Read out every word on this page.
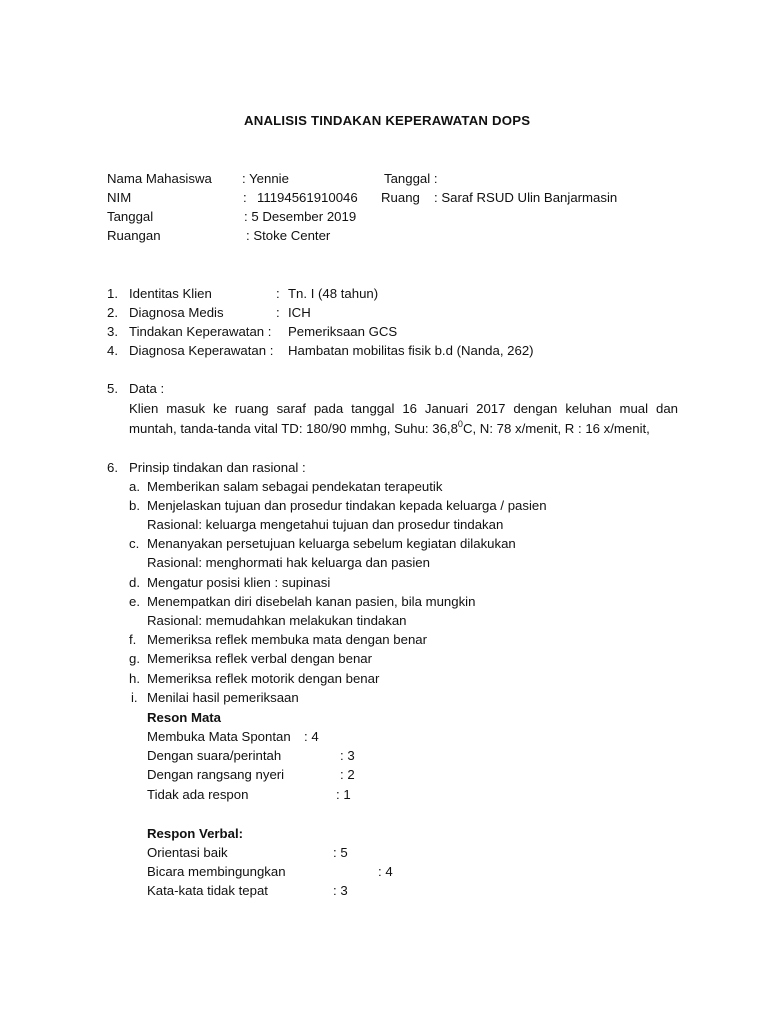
ANALISIS TINDAKAN KEPERAWATAN DOPS
Nama Mahasiswa : Yennie	Tanggal :
NIM	: 11194561910046 Ruang : Saraf RSUD Ulin Banjarmasin
Tanggal	: 5 Desember 2019
Ruangan	: Stoke Center
1. Identitas Klien	: Tn. I (48 tahun)
2. Diagnosa Medis	: ICH
3. Tindakan Keperawatan : Pemeriksaan GCS
4. Diagnosa Keperawatan : Hambatan mobilitas fisik b.d (Nanda, 262)
5. Data :
Klien masuk ke ruang saraf pada tanggal 16 Januari 2017 dengan keluhan mual dan
muntah, tanda-tanda vital TD: 180/90 mmhg, Suhu: 36,8$^0$C, N: 78 x/menit, R : 16 x/menit,
6. Prinsip tindakan dan rasional :
a. Memberikan salam sebagai pendekatan terapeutik
b. Menjelaskan tujuan dan prosedur tindakan kepada keluarga / pasien
Rasional: keluarga mengetahui tujuan dan prosedur tindakan
c. Menanyakan persetujuan keluarga sebelum kegiatan dilakukan
Rasional: menghormati hak keluarga dan pasien
d. Mengatur posisi klien : supinasi
e. Menempatkan diri disebelah kanan pasien, bila mungkin
Rasional: memudahkan melakukan tindakan
f. Memeriksa reflek membuka mata dengan benar
g. Memeriksa reflek verbal dengan benar
h. Memeriksa reflek motorik dengan benar
i. Menilai hasil pemeriksaan
Reson Mata
Membuka Mata Spontan : 4
Dengan suara/perintah	: 3
Dengan rangsang nyeri	: 2
Tidak ada respon	: 1
Respon Verbal:
Orientasi baik	: 5
Bicara membingungkan	: 4
Kata-kata tidak tepat	: 3
